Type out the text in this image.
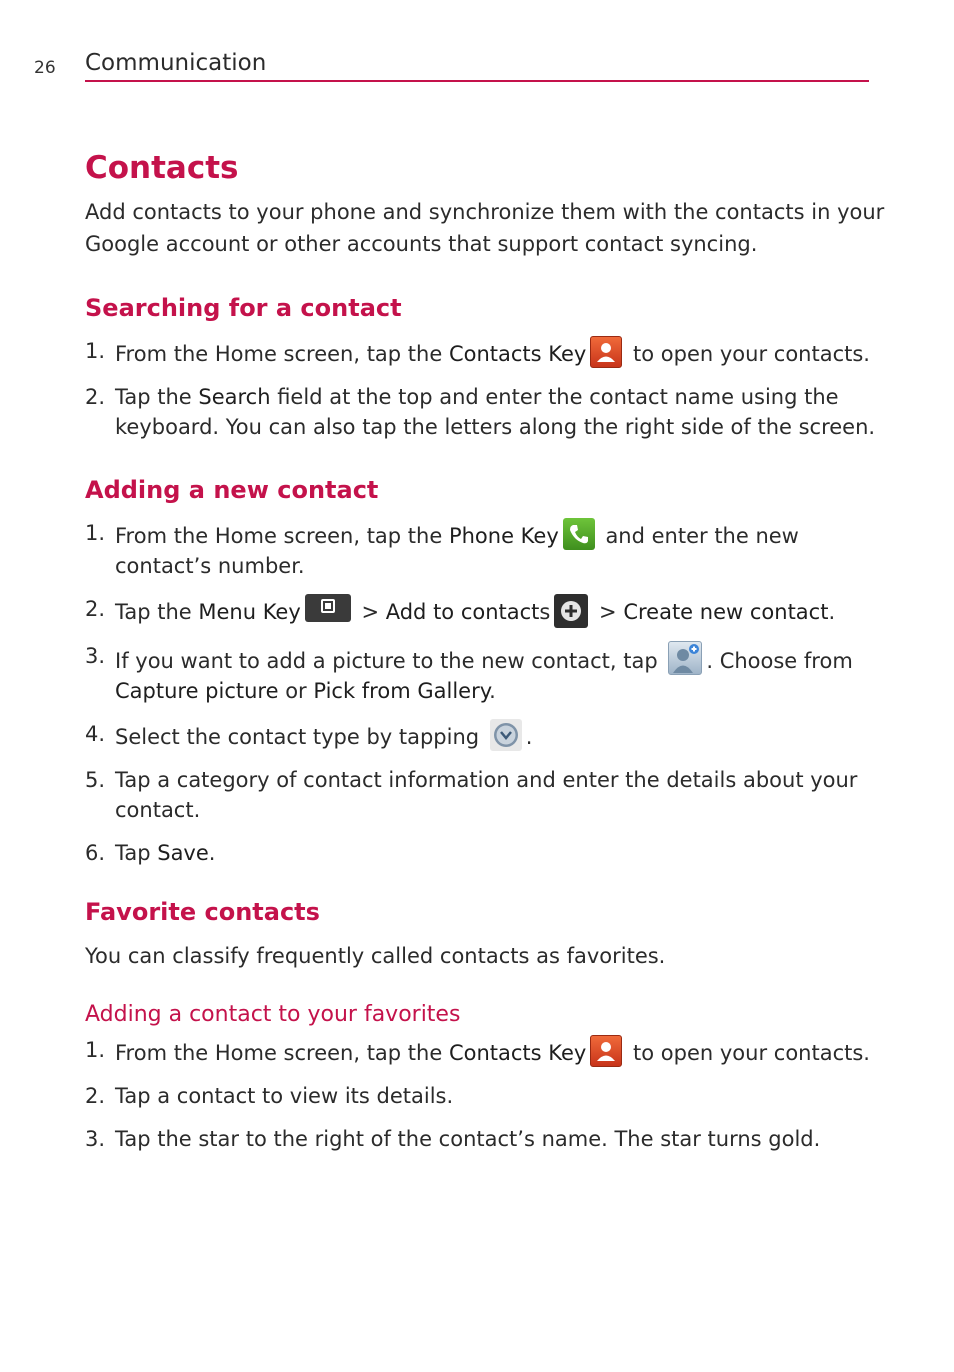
26 Communication
Contacts

Add contacts to your phone and synchronize them with the contacts in your Google account or other accounts that support contact syncing.

Searching for a contact
1. From the Home screen, tap the Contacts Key
to open your contacts.
2. Tap the Search field at the top and enter the contact name using the keyboard. You can also tap the letters along the right side of the screen.
Adding a new contact
1. From the Home screen, tap the Phone Key
and enter the new contact’s number.
2. Tap the Menu Key	> Add to contacts
> Create new contact.
3. If you want to add a picture to the new contact, tap
. Choose from Capture picture or Pick from Gallery.
4. Select the contact type by tapping
.
5. Tap a category of contact information and enter the details about your contact.
6. Tap Save.
Favorite contacts

You can classify frequently called contacts as favorites.

Adding a contact to your favorites
1. From the Home screen, tap the Contacts Key
to open your contacts.
2. Tap a contact to view its details.
3. Tap the star to the right of the contact’s name. The star turns gold.
